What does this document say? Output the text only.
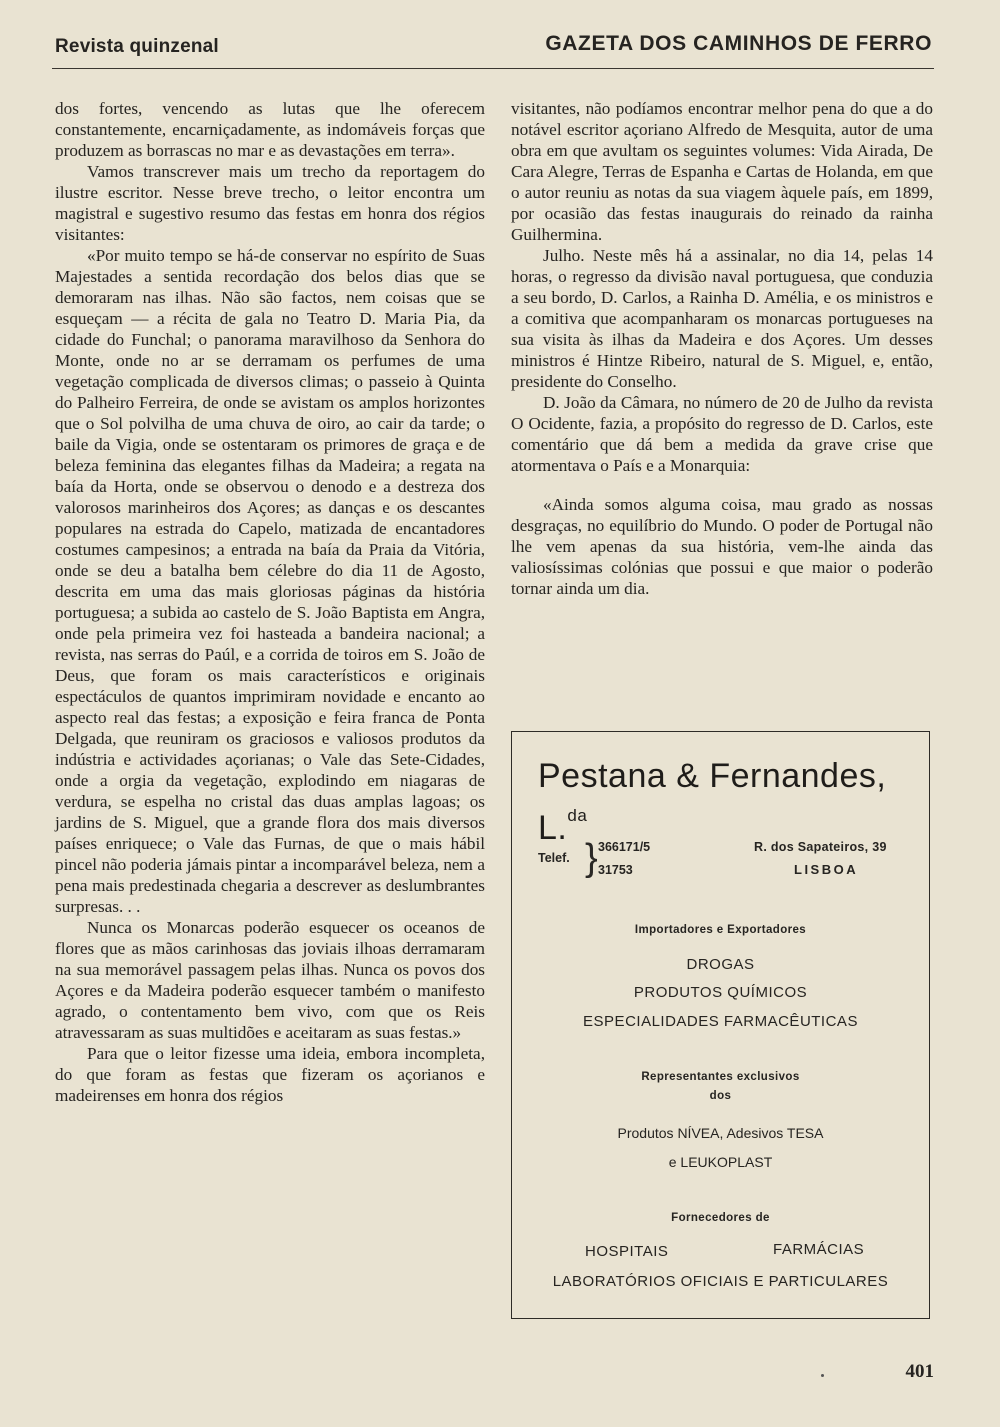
Revista quinzenal	GAZETA DOS CAMINHOS DE FERRO

dos fortes, vencendo as lutas que lhe oferecem constantemente, encarniçadamente, as indomáveis forças que produzem as borrascas no mar e as devastações em terra».

Vamos transcrever mais um trecho da reportagem do ilustre escritor. Nesse breve trecho, o leitor encontra um magistral e sugestivo resumo das festas em honra dos régios visitantes:

«Por muito tempo se há-de conservar no espírito de Suas Majestades a sentida recordação dos belos dias que se demoraram nas ilhas. Não são factos, nem coisas que se esqueçam — a récita de gala no Teatro D. Maria Pia, da cidade do Funchal; o panorama maravilhoso da Senhora do Monte, onde no ar se derramam os perfumes de uma vegetação complicada de diversos climas; o passeio à Quinta do Palheiro Ferreira, de onde se avistam os amplos horizontes que o Sol polvilha de uma chuva de oiro, ao cair da tarde; o baile da Vigia, onde se ostentaram os primores de graça e de beleza feminina das elegantes filhas da Madeira; a regata na baía da Horta, onde se observou o denodo e a destreza dos valorosos marinheiros dos Açores; as danças e os descantes populares na estrada do Capelo, matizada de encantadores costumes campesinos; a entrada na baía da Praia da Vitória, onde se deu a batalha bem célebre do dia 11 de Agosto, descrita em uma das mais gloriosas páginas da história portuguesa; a subida ao castelo de S. João Baptista em Angra, onde pela primeira vez foi hasteada a bandeira nacional; a revista, nas serras do Paúl, e a corrida de toiros em S. João de Deus, que foram os mais característicos e originais espectáculos de quantos imprimiram novidade e encanto ao aspecto real das festas; a exposição e feira franca de Ponta Delgada, que reuniram os graciosos e valiosos produtos da indústria e actividades açorianas; o Vale das Sete-Cidades, onde a orgia da vegetação, explodindo em niagaras de verdura, se espelha no cristal das duas amplas lagoas; os jardins de S. Miguel, que a grande flora dos mais diversos países enriquece; o Vale das Furnas, de que o mais hábil pincel não poderia jámais pintar a incomparável beleza, nem a pena mais predestinada chegaria a descrever as deslumbrantes surpresas. . .

Nunca os Monarcas poderão esquecer os oceanos de flores que as mãos carinhosas das joviais ilhoas derramaram na sua memorável passagem pelas ilhas. Nunca os povos dos Açores e da Madeira poderão esquecer também o manifesto agrado, o contentamento bem vivo, com que os Reis atravessaram as suas multidões e aceitaram as suas festas.»

Para que o leitor fizesse uma ideia, embora incompleta, do que foram as festas que fizeram os açorianos e madeirenses em honra dos régios

visitantes, não podíamos encontrar melhor pena do que a do notável escritor açoriano Alfredo de Mesquita, autor de uma obra em que avultam os seguintes volumes: Vida Airada, De Cara Alegre, Terras de Espanha e Cartas de Holanda, em que o autor reuniu as notas da sua viagem àquele país, em 1899, por ocasião das festas inaugurais do reinado da rainha Guilhermina.

Julho. Neste mês há a assinalar, no dia 14, pelas 14 horas, o regresso da divisão naval portuguesa, que conduzia a seu bordo, D. Carlos, a Rainha D. Amélia, e os ministros e a comitiva que acompanharam os monarcas portugueses na sua visita às ilhas da Madeira e dos Açores. Um desses ministros é Hintze Ribeiro, natural de S. Miguel, e, então, presidente do Conselho.

D. João da Câmara, no número de 20 de Julho da revista O Ocidente, fazia, a propósito do regresso de D. Carlos, este comentário que dá bem a medida da grave crise que atormentava o País e a Monarquia:

«Ainda somos alguma coisa, mau grado as nossas desgraças, no equilíbrio do Mundo. O poder de Portugal não lhe vem apenas da sua história, vem-lhe ainda das valiosíssimas colónias que possui e que maior o poderão tornar ainda um dia.

Pestana & Fernandes, L.$^{da}$
Telef. } 366171/5
31753
R. dos Sapateiros, 39
LISBOA
Importadores e Exportadores
DROGAS
PRODUTOS QUÍMICOS
ESPECIALIDADES FARMACÊUTICAS
Representantes exclusivos
dos
Produtos NÍVEA, Adesivos TESA
e LEUKOPLAST
Fornecedores de
HOSPITAIS	FARMÁCIAS
LABORATÓRIOS OFICIAIS E PARTICULARES
401
